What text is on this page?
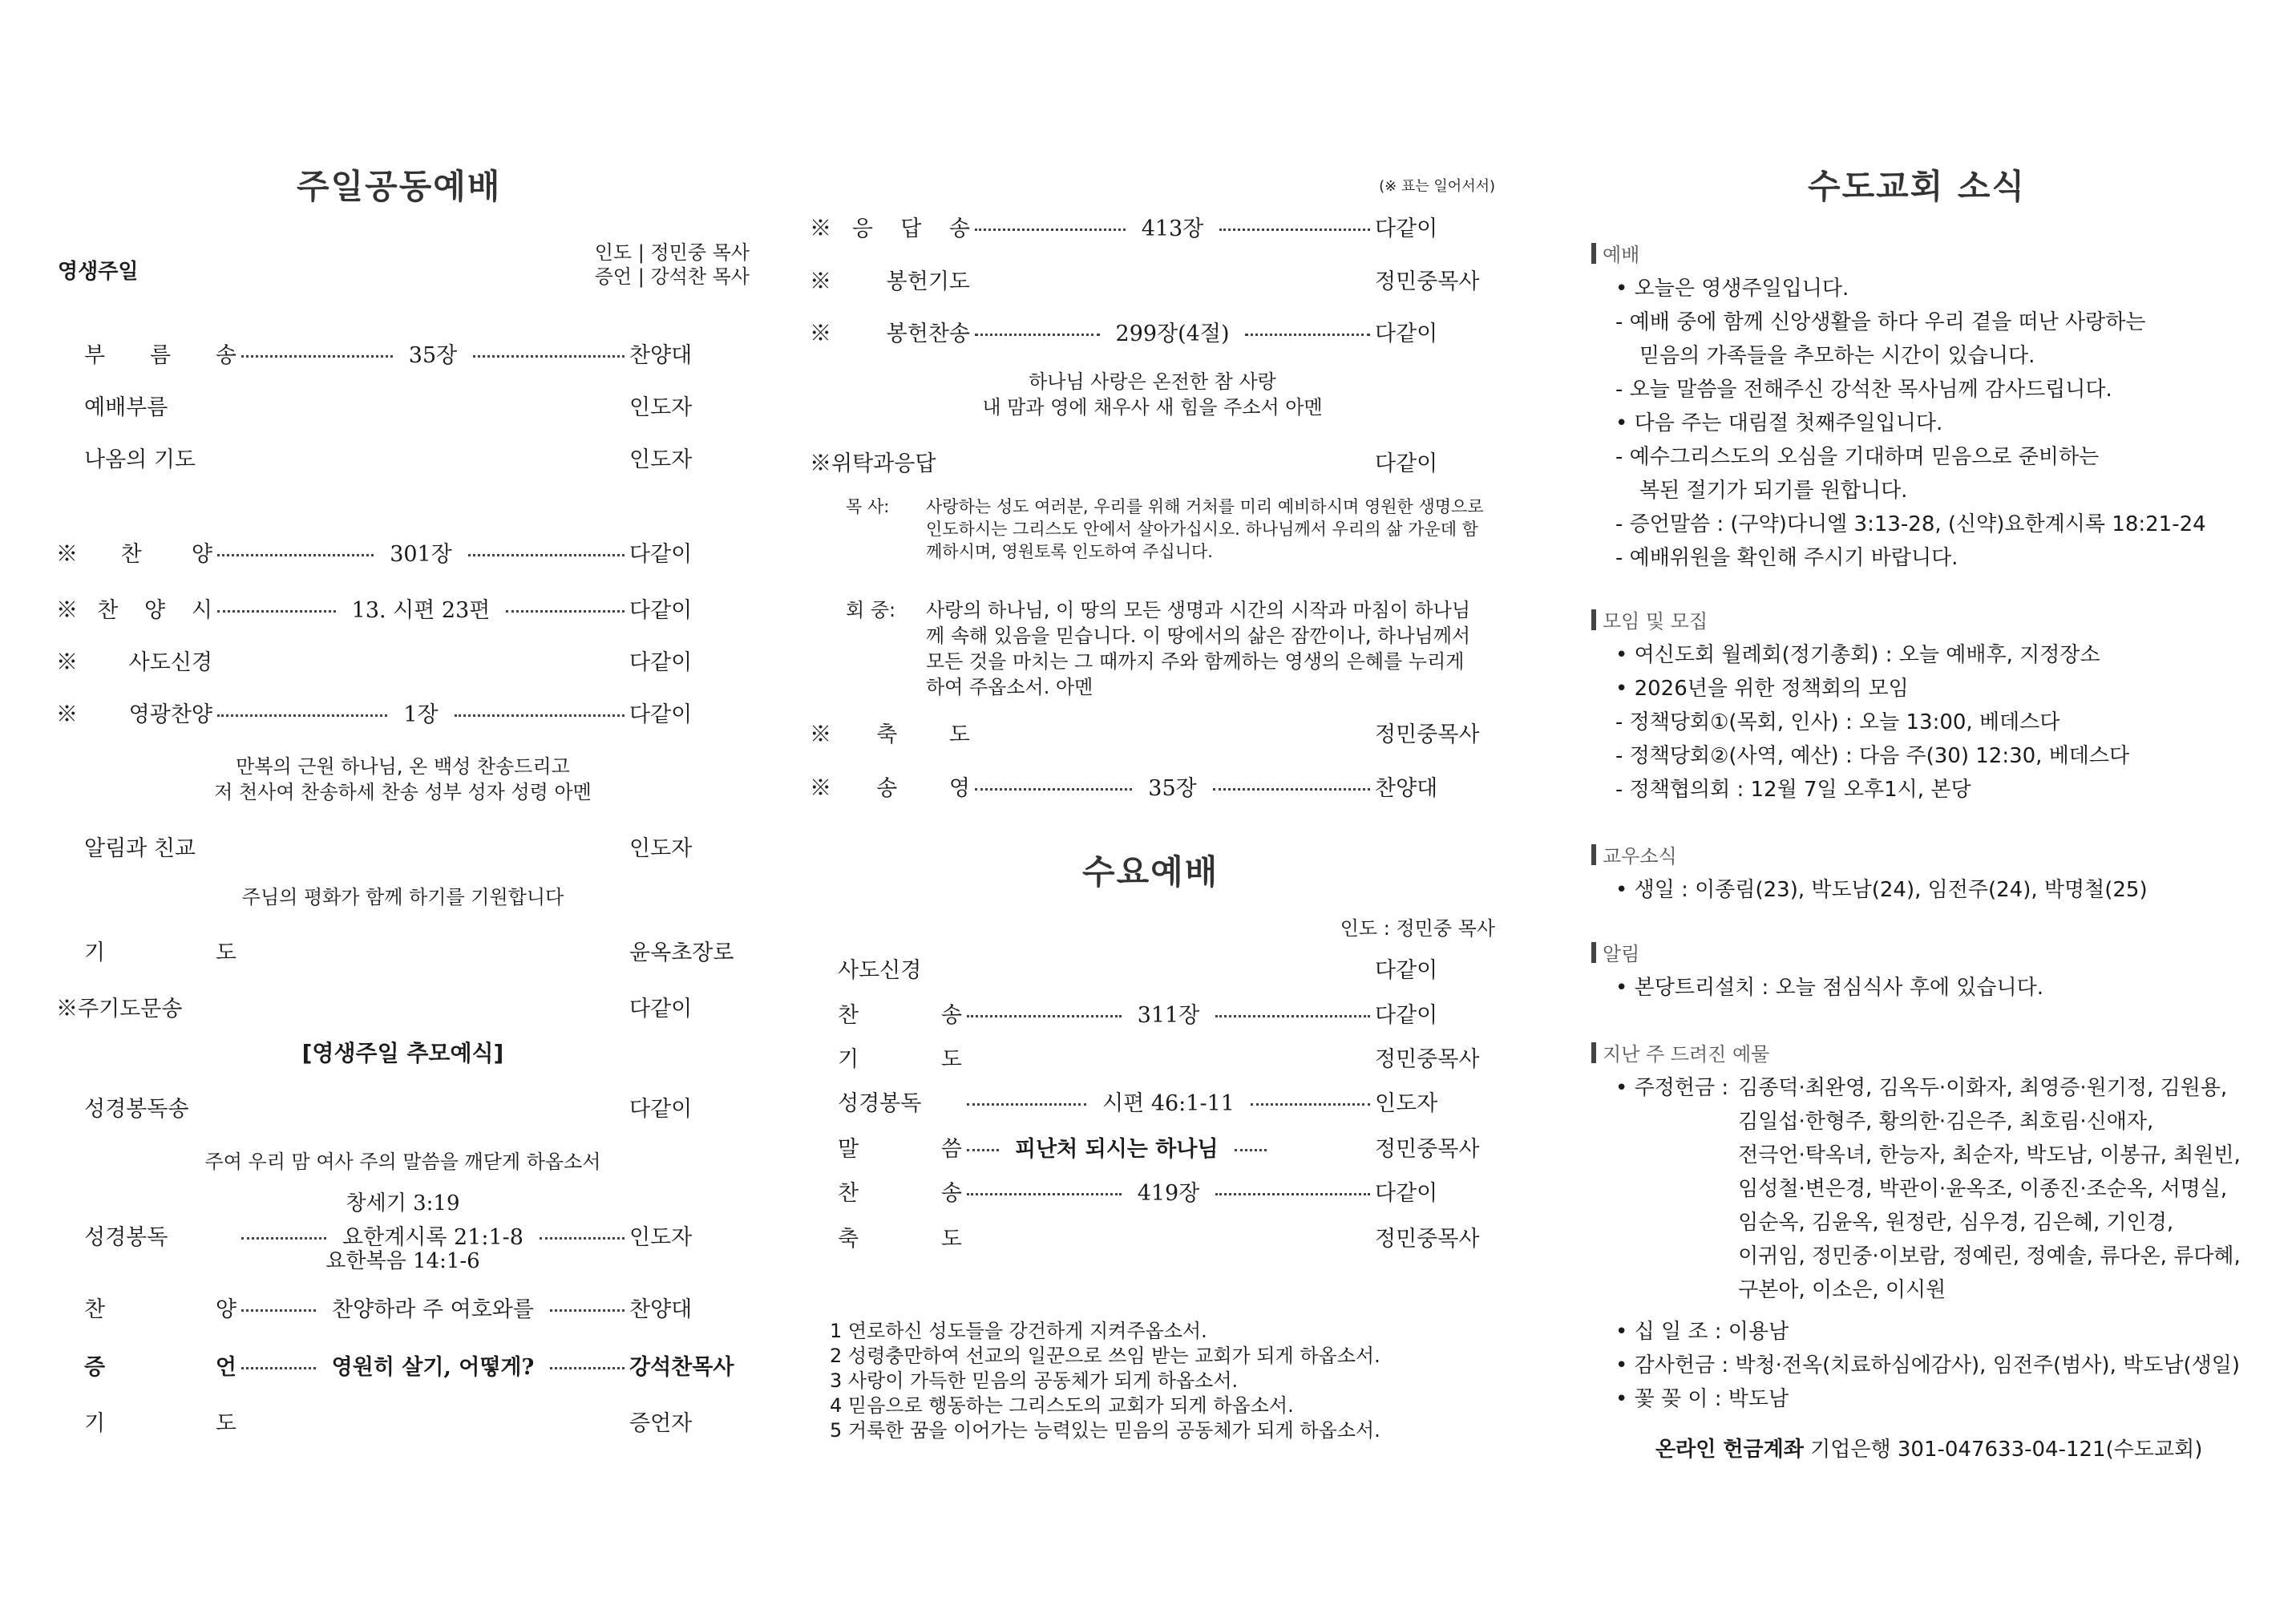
주일공동예배
영생주일
인도 | 정민중 목사
증언 | 강석찬 목사
부 름 송	35장	찬양대
예배부름	인도자
나옴의 기도	인도자
※찬 양	301장	다같이
※찬 양 시	13. 시편 23편	다같이
※사도신경	다같이
※영광찬양	1장	다같이
만복의 근원 하나님, 온 백성 찬송드리고
저 천사여 찬송하세 찬송 성부 성자 성령 아멘
알림과 친교	인도자
주님의 평화가 함께 하기를 기원합니다
기 도	윤옥초장로
※주기도문송	다같이
[영생주일 추모예식]
성경봉독송	다같이
주여 우리 맘 여사 주의 말씀을 깨닫게 하옵소서
창세기 3:19
성경봉독	요한계시록 21:1-8	인도자
요한복음 14:1-6
찬 양	찬양하라 주 여호와를	찬양대
증 언	영원히 살기, 어떻게?	강석찬목사
기 도	증언자
(※ 표는 일어서서)
※응 답 송	413장	다같이
※봉헌기도	정민중목사
※봉헌찬송	299장(4절)	다같이
하나님 사랑은 온전한 참 사랑
내 맘과 영에 채우사 새 힘을 주소서 아멘
※위탁과응답	다같이
목 사:	사랑하는 성도 여러분, 우리를 위해 거처를 미리 예비하시며 영원한 생명으로 인도하시는 그리스도 안에서 살아가십시오. 하나님께서 우리의 삶 가운데 함께하시며, 영원토록 인도하여 주십니다.
회 중:	사랑의 하나님, 이 땅의 모든 생명과 시간의 시작과 마침이 하나님께 속해 있음을 믿습니다. 이 땅에서의 삶은 잠깐이나, 하나님께서 모든 것을 마치는 그 때까지 주와 함께하는 영생의 은혜를 누리게 하여 주옵소서. 아멘
※축 도	정민중목사
※송 영	35장	찬양대
수요예배
인도 : 정민중 목사
사도신경	다같이
찬 송	311장	다같이
기 도	정민중목사
성경봉독	시편 46:1-11	인도자
말 씀	피난처 되시는 하나님	정민중목사
찬 송	419장	다같이
축 도	정민중목사
1 연로하신 성도들을 강건하게 지켜주옵소서.
2 성령충만하여 선교의 일꾼으로 쓰임 받는 교회가 되게 하옵소서.
3 사랑이 가득한 믿음의 공동체가 되게 하옵소서.
4 믿음으로 행동하는 그리스도의 교회가 되게 하옵소서.
5 거룩한 꿈을 이어가는 능력있는 믿음의 공동체가 되게 하옵소서.
수도교회 소식
예배

• 오늘은 영생주일입니다.

- 예배 중에 함께 신앙생활을 하다 우리 곁을 떠난 사랑하는

믿음의 가족들을 추모하는 시간이 있습니다.

- 오늘 말씀을 전해주신 강석찬 목사님께 감사드립니다.

• 다음 주는 대림절 첫째주일입니다.

- 예수그리스도의 오심을 기대하며 믿음으로 준비하는

복된 절기가 되기를 원합니다.

- 증언말씀 : (구약)다니엘 3:13-28, (신약)요한계시록 18:21-24

- 예배위원을 확인해 주시기 바랍니다.

모임 및 모집

• 여신도회 월례회(정기총회) : 오늘 예배후, 지정장소

• 2026년을 위한 정책회의 모임

- 정책당회①(목회, 인사) : 오늘 13:00, 베데스다

- 정책당회②(사역, 예산) : 다음 주(30) 12:30, 베데스다

- 정책협의회 : 12월 7일 오후1시, 본당

교우소식

• 생일 : 이종림(23), 박도남(24), 임전주(24), 박명철(25)

알림

• 본당트리설치 : 오늘 점심식사 후에 있습니다.

지난 주 드려진 예물

• 주정헌금 : 김종덕·최완영, 김옥두·이화자, 최영증·원기정, 김원용,

김일섭·한형주, 황의한·김은주, 최호림·신애자,

전극언·탁옥녀, 한능자, 최순자, 박도남, 이봉규, 최원빈,

임성철·변은경, 박관이·윤옥조, 이종진·조순옥, 서명실,

임순옥, 김윤옥, 원정란, 심우경, 김은혜, 기인경,

이귀임, 정민중·이보람, 정예린, 정예솔, 류다온, 류다혜,

구본아, 이소은, 이시원

• 십 일 조 : 이용남

• 감사헌금 : 박청·전옥(치료하심에감사), 임전주(범사), 박도남(생일)

• 꽃 꽂 이 : 박도남

온라인 헌금계좌 기업은행 301-047633-04-121(수도교회)
